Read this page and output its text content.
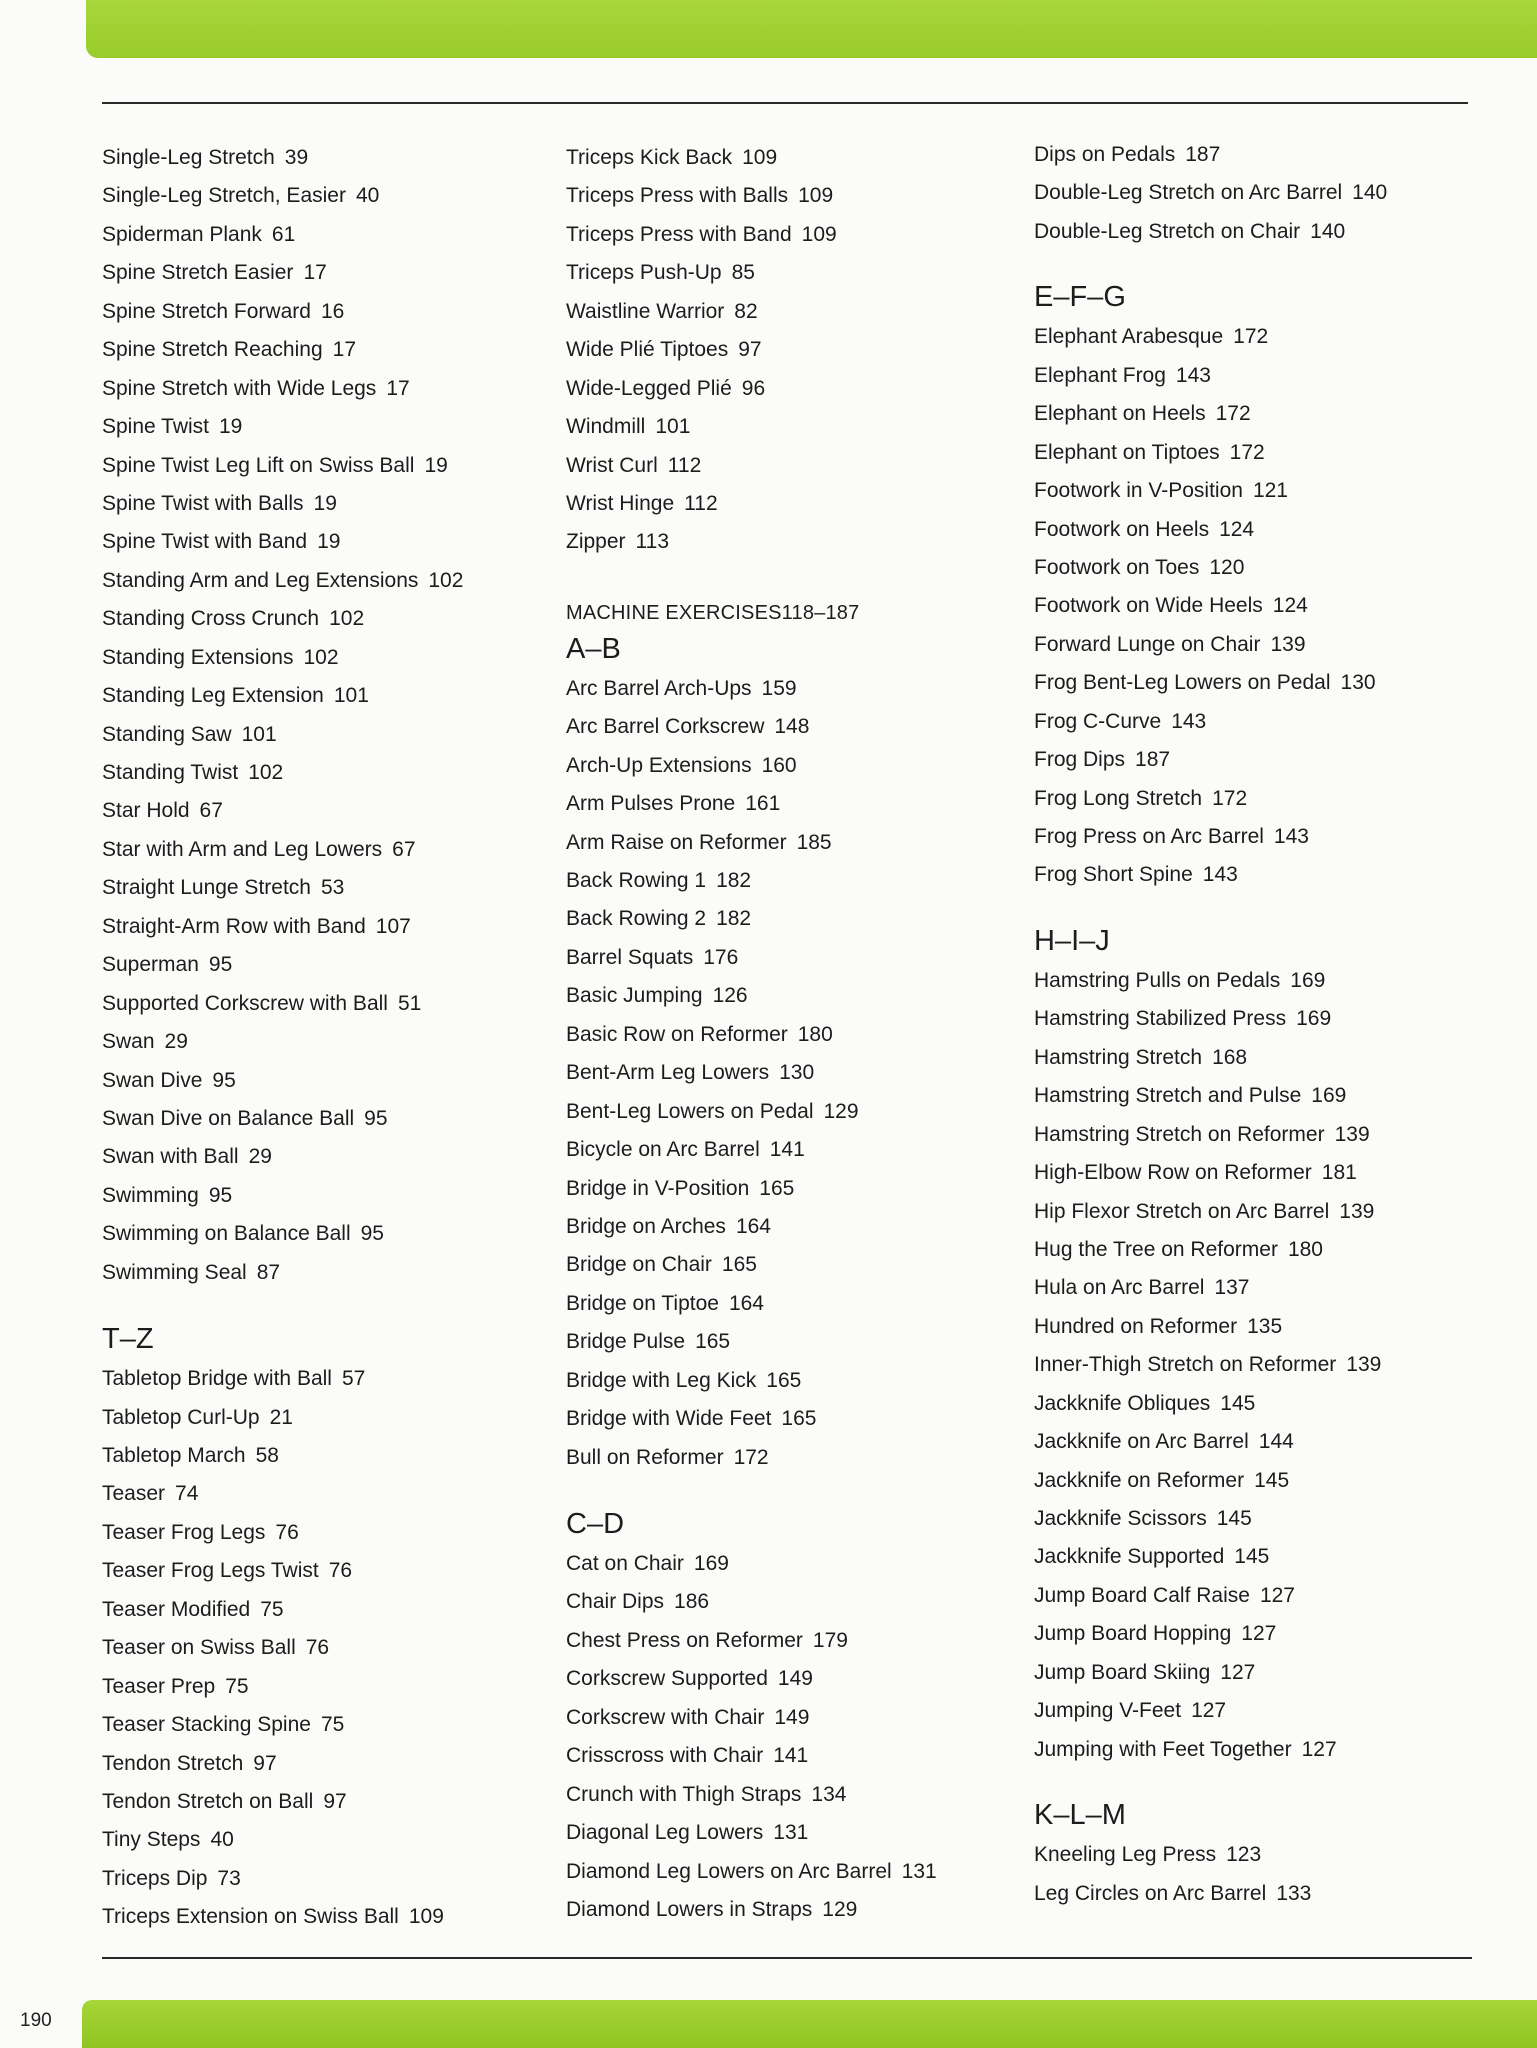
Single-Leg Stretch 39
Single-Leg Stretch, Easier 40
Spiderman Plank 61
Spine Stretch Easier 17
Spine Stretch Forward 16
Spine Stretch Reaching 17
Spine Stretch with Wide Legs 17
Spine Twist 19
Spine Twist Leg Lift on Swiss Ball 19
Spine Twist with Balls 19
Spine Twist with Band 19
Standing Arm and Leg Extensions 102
Standing Cross Crunch 102
Standing Extensions 102
Standing Leg Extension 101
Standing Saw 101
Standing Twist 102
Star Hold 67
Star with Arm and Leg Lowers 67
Straight Lunge Stretch 53
Straight-Arm Row with Band 107
Superman 95
Supported Corkscrew with Ball 51
Swan 29
Swan Dive 95
Swan Dive on Balance Ball 95
Swan with Ball 29
Swimming 95
Swimming on Balance Ball 95
Swimming Seal 87
T–Z
Tabletop Bridge with Ball 57
Tabletop Curl-Up 21
Tabletop March 58
Teaser 74
Teaser Frog Legs 76
Teaser Frog Legs Twist 76
Teaser Modified 75
Teaser on Swiss Ball 76
Teaser Prep 75
Teaser Stacking Spine 75
Tendon Stretch 97
Tendon Stretch on Ball 97
Tiny Steps 40
Triceps Dip 73
Triceps Extension on Swiss Ball 109
Triceps Kick Back 109
Triceps Press with Balls 109
Triceps Press with Band 109
Triceps Push-Up 85
Waistline Warrior 82
Wide Plié Tiptoes 97
Wide-Legged Plié 96
Windmill 101
Wrist Curl 112
Wrist Hinge 112
Zipper 113
MACHINE EXERCISES118–187
A–B
Arc Barrel Arch-Ups 159
Arc Barrel Corkscrew 148
Arch-Up Extensions 160
Arm Pulses Prone 161
Arm Raise on Reformer 185
Back Rowing 1 182
Back Rowing 2 182
Barrel Squats 176
Basic Jumping 126
Basic Row on Reformer 180
Bent-Arm Leg Lowers 130
Bent-Leg Lowers on Pedal 129
Bicycle on Arc Barrel 141
Bridge in V-Position 165
Bridge on Arches 164
Bridge on Chair 165
Bridge on Tiptoe 164
Bridge Pulse 165
Bridge with Leg Kick 165
Bridge with Wide Feet 165
Bull on Reformer 172
C–D
Cat on Chair 169
Chair Dips 186
Chest Press on Reformer 179
Corkscrew Supported 149
Corkscrew with Chair 149
Crisscross with Chair 141
Crunch with Thigh Straps 134
Diagonal Leg Lowers 131
Diamond Leg Lowers on Arc Barrel 131
Diamond Lowers in Straps 129
Dips on Pedals 187
Double-Leg Stretch on Arc Barrel 140
Double-Leg Stretch on Chair 140
E–F–G
Elephant Arabesque 172
Elephant Frog 143
Elephant on Heels 172
Elephant on Tiptoes 172
Footwork in V-Position 121
Footwork on Heels 124
Footwork on Toes 120
Footwork on Wide Heels 124
Forward Lunge on Chair 139
Frog Bent-Leg Lowers on Pedal 130
Frog C-Curve 143
Frog Dips 187
Frog Long Stretch 172
Frog Press on Arc Barrel 143
Frog Short Spine 143
H–I–J
Hamstring Pulls on Pedals 169
Hamstring Stabilized Press 169
Hamstring Stretch 168
Hamstring Stretch and Pulse 169
Hamstring Stretch on Reformer 139
High-Elbow Row on Reformer 181
Hip Flexor Stretch on Arc Barrel 139
Hug the Tree on Reformer 180
Hula on Arc Barrel 137
Hundred on Reformer 135
Inner-Thigh Stretch on Reformer 139
Jackknife Obliques 145
Jackknife on Arc Barrel 144
Jackknife on Reformer 145
Jackknife Scissors 145
Jackknife Supported 145
Jump Board Calf Raise 127
Jump Board Hopping 127
Jump Board Skiing 127
Jumping V-Feet 127
Jumping with Feet Together 127
K–L–M
Kneeling Leg Press 123
Leg Circles on Arc Barrel 133
190
